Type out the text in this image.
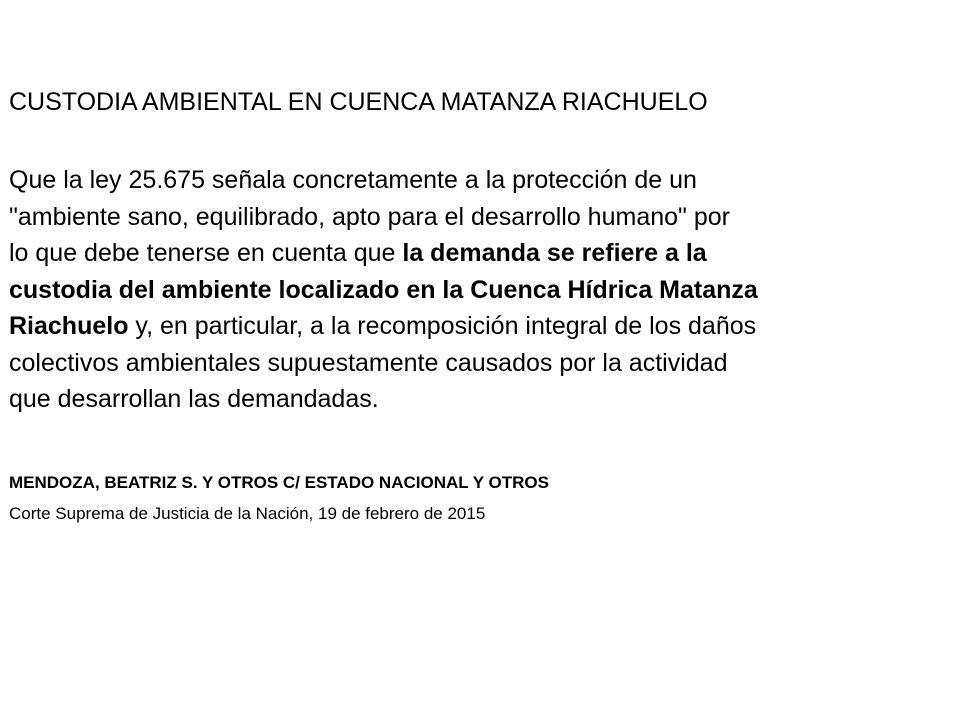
CUSTODIA AMBIENTAL EN CUENCA MATANZA RIACHUELO
Que la ley 25.675 señala concretamente a la protección de un
"ambiente sano, equilibrado, apto para el desarrollo humano" por
lo que debe tenerse en cuenta que la demanda se refiere a la
custodia del ambiente localizado en la Cuenca Hídrica Matanza
Riachuelo y, en particular, a la recomposición integral de los daños
colectivos ambientales supuestamente causados por la actividad
que desarrollan las demandadas.
MENDOZA, BEATRIZ S. Y OTROS C/ ESTADO NACIONAL Y OTROS
Corte Suprema de Justicia de la Nación, 19 de febrero de 2015
